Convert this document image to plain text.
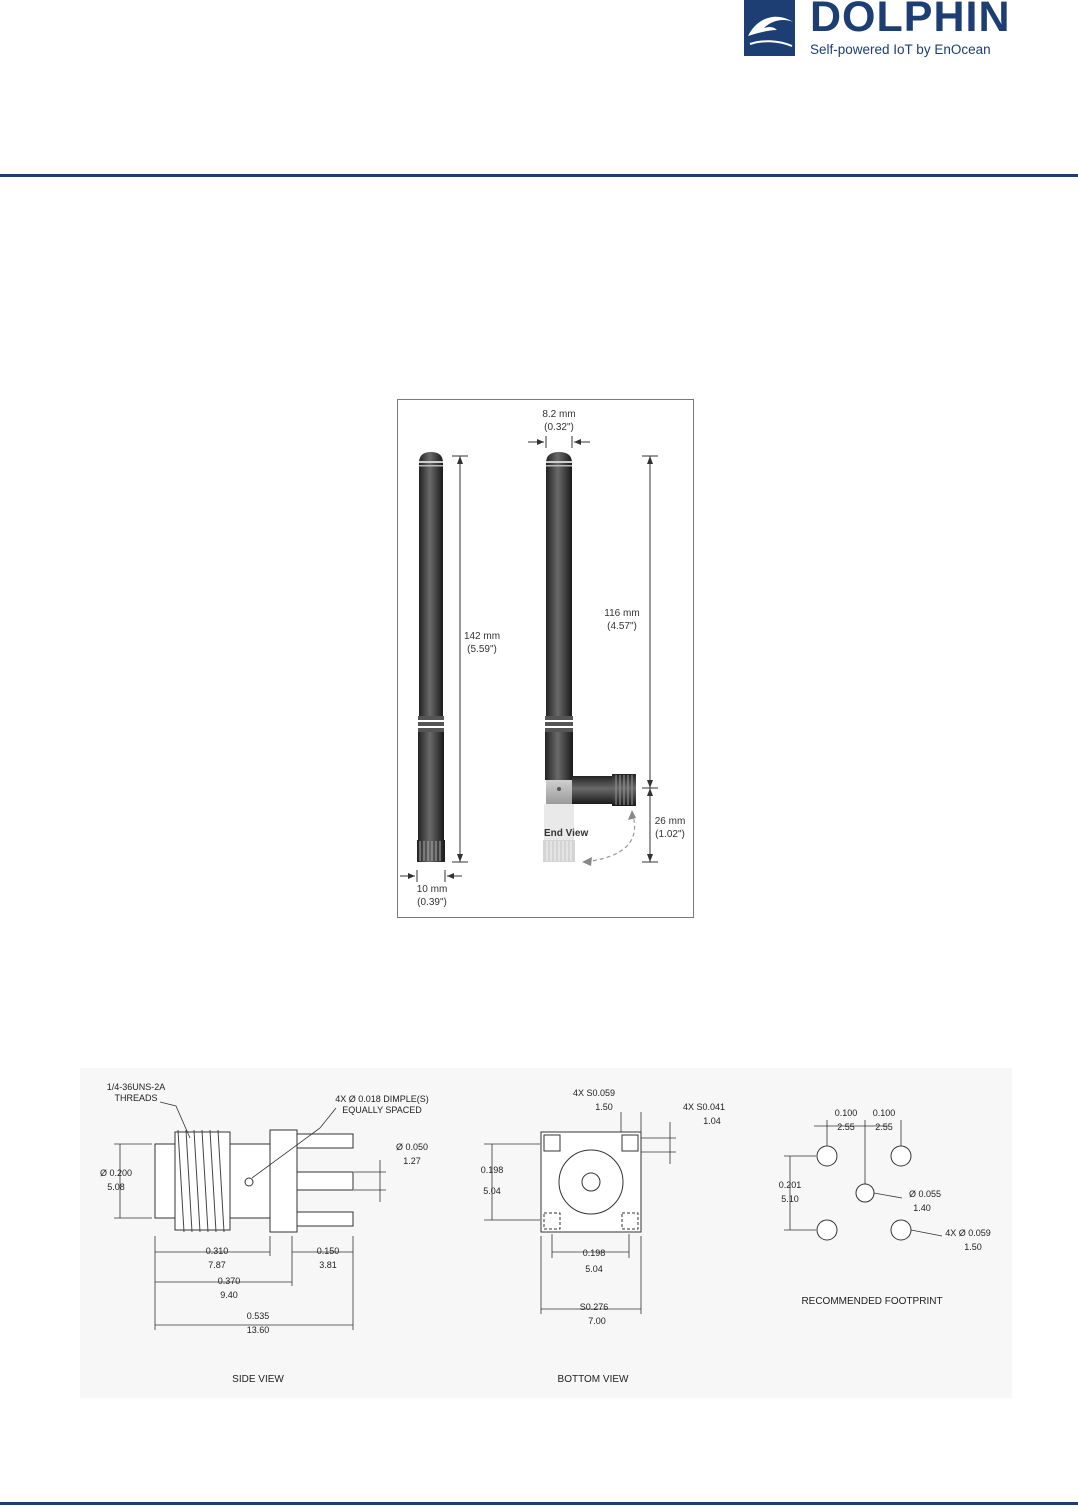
DOLPHIN
Self-powered IoT by EnOcean
8.2 mm
(0.32")
142 mm
(5.59")
116 mm
(4.57")
26 mm
(1.02")
10 mm
(0.39")
End View
1/4-36UNS-2A
THREADS	4X Ø 0.018 DIMPLE(S)
EQUALLY SPACED
Ø 0.200
5.08
Ø 0.050
1.27
0.310
7.87
0.150
3.81
0.370
9.40
0.535
13.60
SIDE VIEW
4X S0.059
1.50	4X S0.041
1.04
0.198
5.04
0.198
5.04
S0.276
7.00
BOTTOM VIEW
0.100
2.55
0.100
2.55
0.201
5.10	Ø 0.055
1.40
4X Ø 0.059
1.50
RECOMMENDED FOOTPRINT
